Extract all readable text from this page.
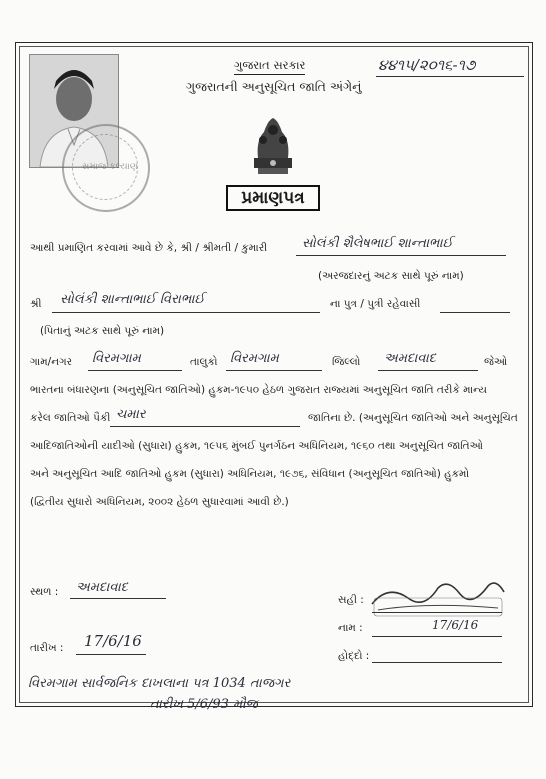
સમાજ કલ્યાણ
ગુજરાત સરકાર
ગુજરાતની અનુસૂચિત જાતિ અંગેનું
૪૪૧૫/૨૦૧૬-૧૭
પ્રમાણપત્ર
આથી પ્રમાણિત કરવામાં આવે છે કે, શ્રી / શ્રીમતી / કુમારી	સોલંકી શૈલેષભાઈ શાન્તાભાઈ
(અરજદારનું અટક સાથે પૂરું નામ)
શ્રી સોલંકી શાન્તાભાઈ વિરાભાઈ	ના પુત્ર / પુત્રી રહેવાસી
(પિતાનું અટક સાથે પૂરું નામ)
ગામ/નગર વિરમગામ	તાલુકો વિરમગામ	જિલ્લો અમદાવાદ	જેઓ
ભારતના બંધારણના (અનુસૂચિત જાતિઓ) હુકમ-૧૯૫૦ હેઠળ ગુજરાત રાજ્યમાં અનુસૂચિત જાતિ તરીકે માન્ય
કરેલ જાતિઓ પૈકી ચમાર	જાતિના છે. (અનુસૂચિત જાતિઓ અને અનુસૂચિત
આદિજાતિઓની યાદીઓ (સુધારા) હુકમ, ૧૯૫૬ મુંબઈ પુનર્ગઠન અધિનિયમ, ૧૯૬૦ તથા અનુસૂચિત જાતિઓ
અને અનુસૂચિત આદિ જાતિઓ હુકમ (સુધારા) અધિનિયમ, ૧૯૭૬, સંવિધાન (અનુસૂચિત જાતિઓ) હુકમો
(દ્વિતીય સુધારો અધિનિયમ, ૨૦૦૨ હેઠળ સુધારવામાં આવી છે.)
સ્થળ : અમદાવાદ
તારીખ : 17/6/16
સહી :
નામ :	17/6/16
હોદ્દો :
વિરમગામ સાર્વજનિક દાખલાના પત્ર 1034 તાજગર
તારીખ 5/6/93 મૌજ
